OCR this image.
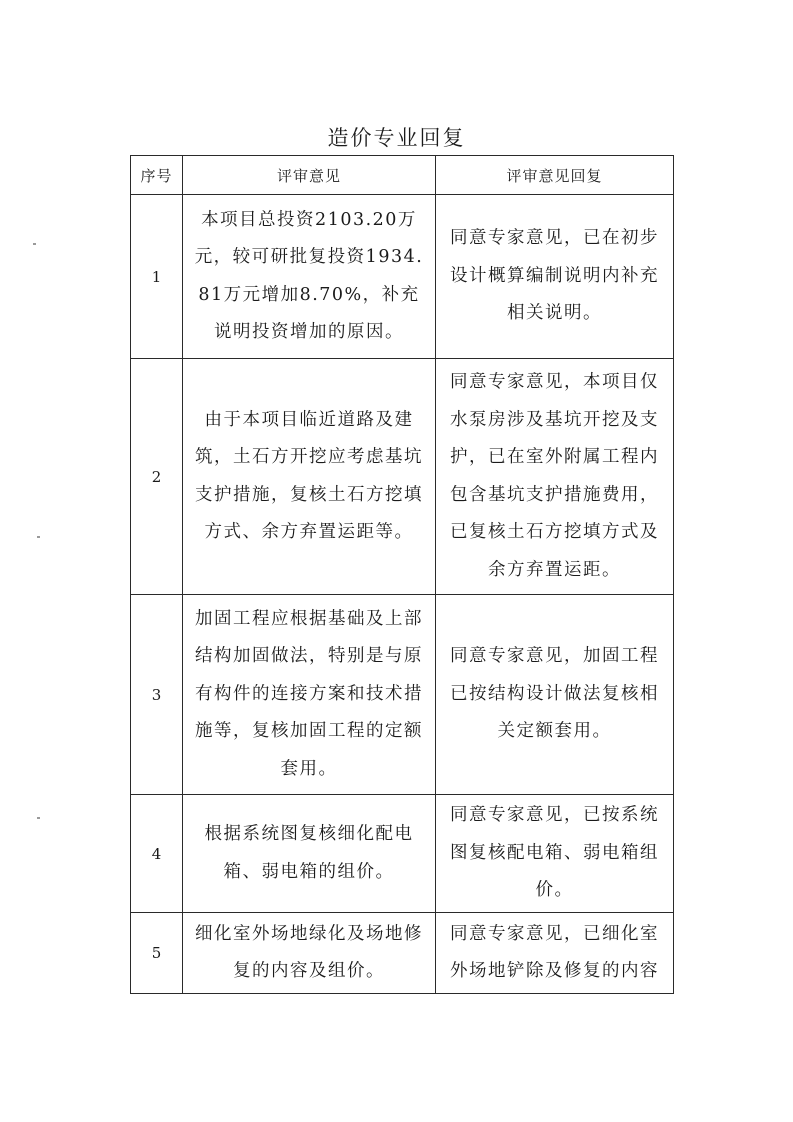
造价专业回复
序号	评审意见	评审意见回复
1	本项目总投资2103.20万元，较可研批复投资1934.81万元增加8.70%，补充说明投资增加的原因。	同意专家意见，已在初步设计概算编制说明内补充相关说明。
2	由于本项目临近道路及建筑，土石方开挖应考虑基坑支护措施，复核土石方挖填方式、余方弃置运距等。	同意专家意见，本项目仅水泵房涉及基坑开挖及支护，已在室外附属工程内包含基坑支护措施费用，已复核土石方挖填方式及余方弃置运距。
3	加固工程应根据基础及上部结构加固做法，特别是与原有构件的连接方案和技术措施等，复核加固工程的定额套用。	同意专家意见，加固工程已按结构设计做法复核相关定额套用。
4	根据系统图复核细化配电箱、弱电箱的组价。	同意专家意见，已按系统图复核配电箱、弱电箱组价。
5	细化室外场地绿化及场地修复的内容及组价。	同意专家意见，已细化室外场地铲除及修复的内容
